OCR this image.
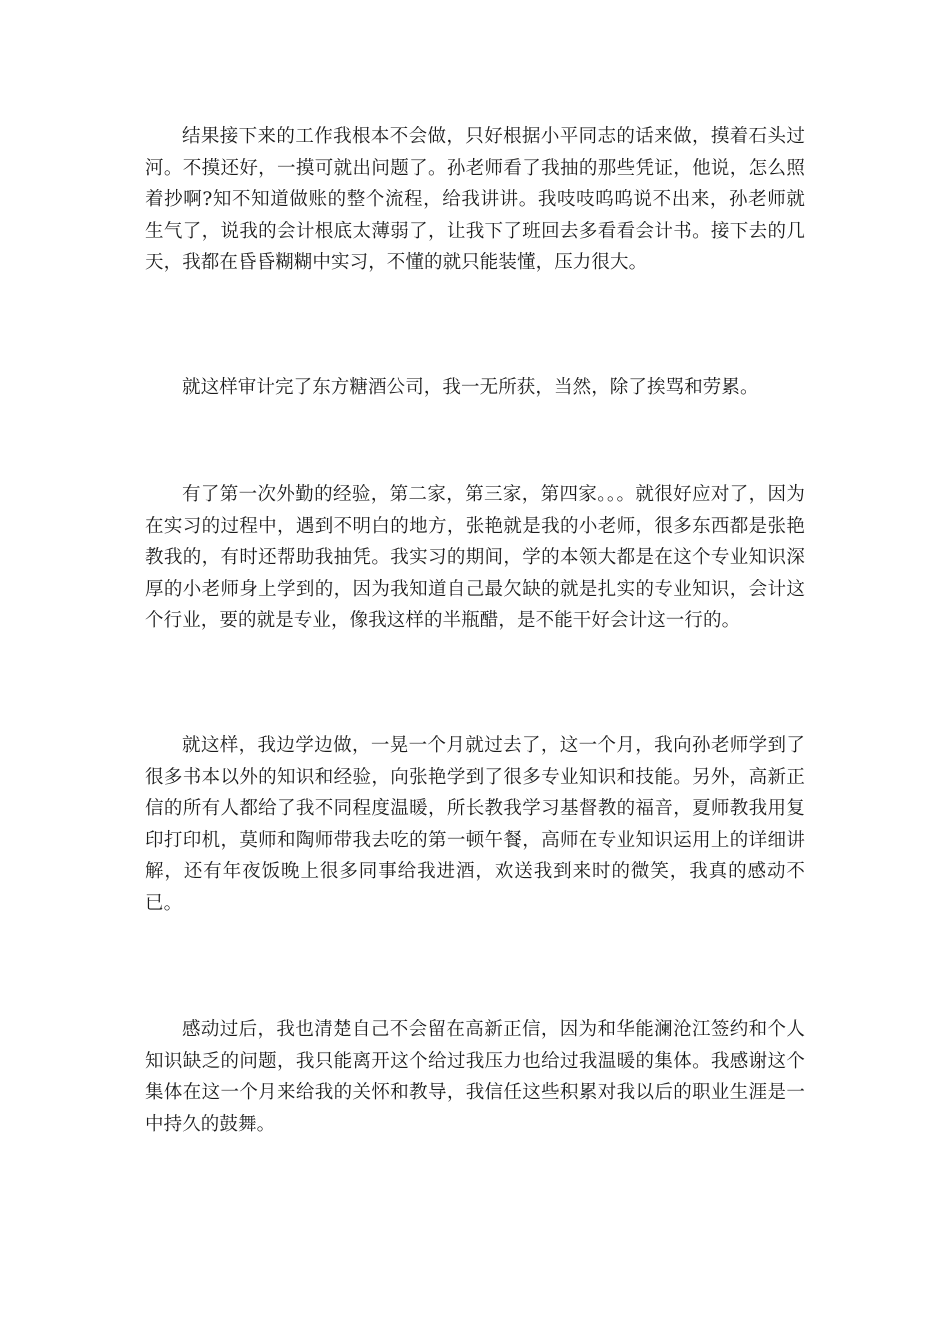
结果接下来的工作我根本不会做，只好根据小平同志的话来做，摸着石头过河。不摸还好，一摸可就出问题了。孙老师看了我抽的那些凭证，他说，怎么照着抄啊?知不知道做账的整个流程，给我讲讲。我吱吱呜呜说不出来，孙老师就生气了，说我的会计根底太薄弱了，让我下了班回去多看看会计书。接下去的几天，我都在昏昏糊糊中实习，不懂的就只能装懂，压力很大。

就这样审计完了东方糖酒公司，我一无所获，当然，除了挨骂和劳累。

有了第一次外勤的经验，第二家，第三家，第四家。。。就很好应对了，因为在实习的过程中，遇到不明白的地方，张艳就是我的小老师，很多东西都是张艳教我的，有时还帮助我抽凭。我实习的期间，学的本领大都是在这个专业知识深厚的小老师身上学到的，因为我知道自己最欠缺的就是扎实的专业知识，会计这个行业，要的就是专业，像我这样的半瓶醋，是不能干好会计这一行的。

就这样，我边学边做，一晃一个月就过去了，这一个月，我向孙老师学到了很多书本以外的知识和经验，向张艳学到了很多专业知识和技能。另外，高新正信的所有人都给了我不同程度温暖，所长教我学习基督教的福音，夏师教我用复印打印机，莫师和陶师带我去吃的第一顿午餐，高师在专业知识运用上的详细讲解，还有年夜饭晚上很多同事给我进酒，欢送我到来时的微笑，我真的感动不已。

感动过后，我也清楚自己不会留在高新正信，因为和华能澜沧江签约和个人知识缺乏的问题，我只能离开这个给过我压力也给过我温暖的集体。我感谢这个集体在这一个月来给我的关怀和教导，我信任这些积累对我以后的职业生涯是一中持久的鼓舞。
